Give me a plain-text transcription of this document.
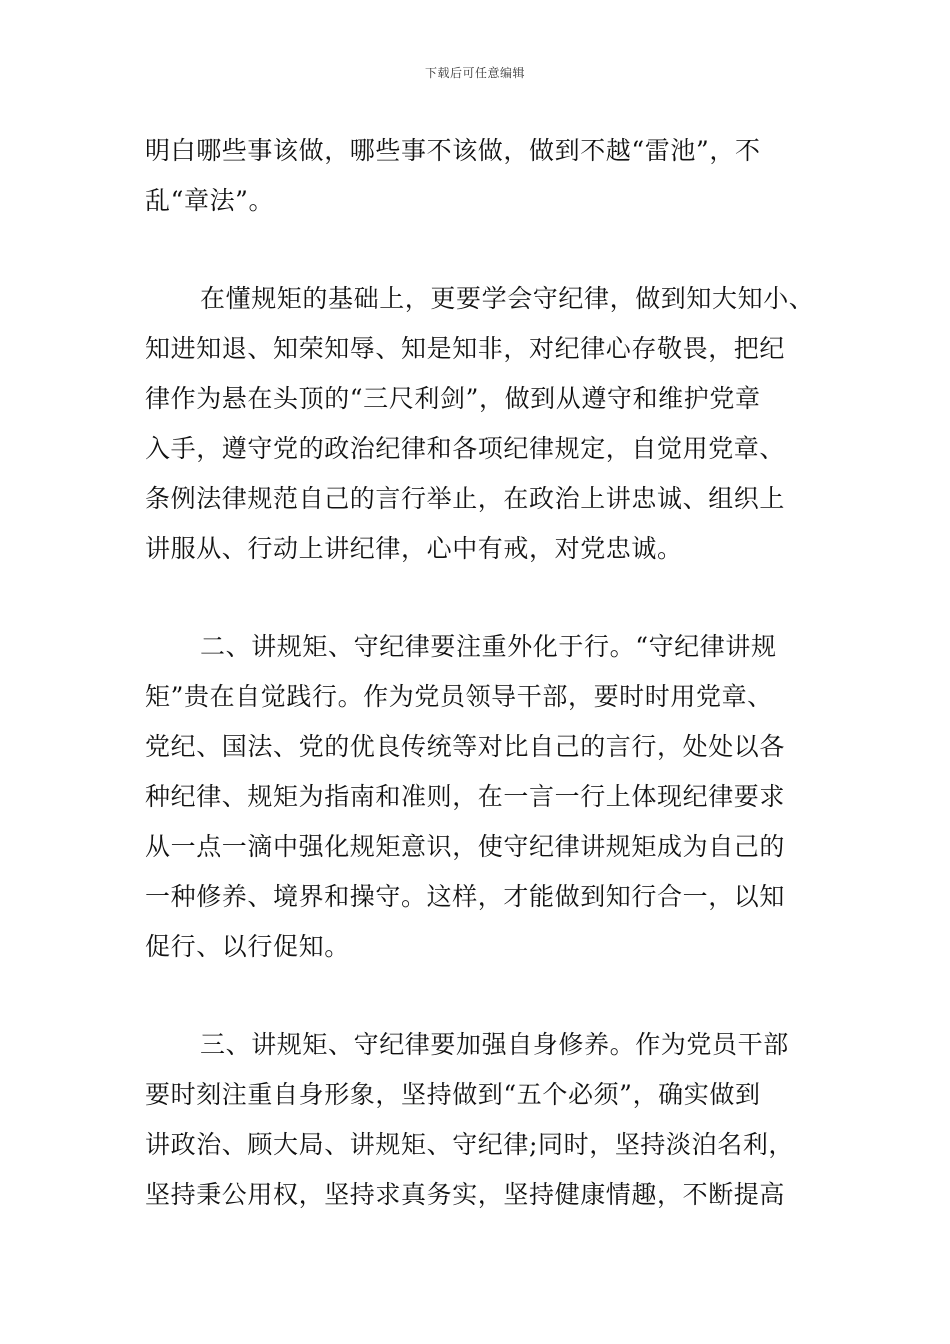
下载后可任意编辑
明白哪些事该做，哪些事不该做，做到不越“雷池”，不
乱“章法”。
在懂规矩的基础上，更要学会守纪律，做到知大知小、
知进知退、知荣知辱、知是知非，对纪律心存敬畏，把纪
律作为悬在头顶的“三尺利剑”，做到从遵守和维护党章
入手，遵守党的政治纪律和各项纪律规定，自觉用党章、
条例法律规范自己的言行举止，在政治上讲忠诚、组织上
讲服从、行动上讲纪律，心中有戒，对党忠诚。
二、讲规矩、守纪律要注重外化于行。“守纪律讲规
矩”贵在自觉践行。作为党员领导干部，要时时用党章、
党纪、国法、党的优良传统等对比自己的言行，处处以各
种纪律、规矩为指南和准则，在一言一行上体现纪律要求
从一点一滴中强化规矩意识，使守纪律讲规矩成为自己的
一种修养、境界和操守。这样，才能做到知行合一，以知
促行、以行促知。
三、讲规矩、守纪律要加强自身修养。作为党员干部
要时刻注重自身形象，坚持做到“五个必须”，确实做到
讲政治、顾大局、讲规矩、守纪律;同时，坚持淡泊名利，
坚持秉公用权，坚持求真务实，坚持健康情趣，不断提高
